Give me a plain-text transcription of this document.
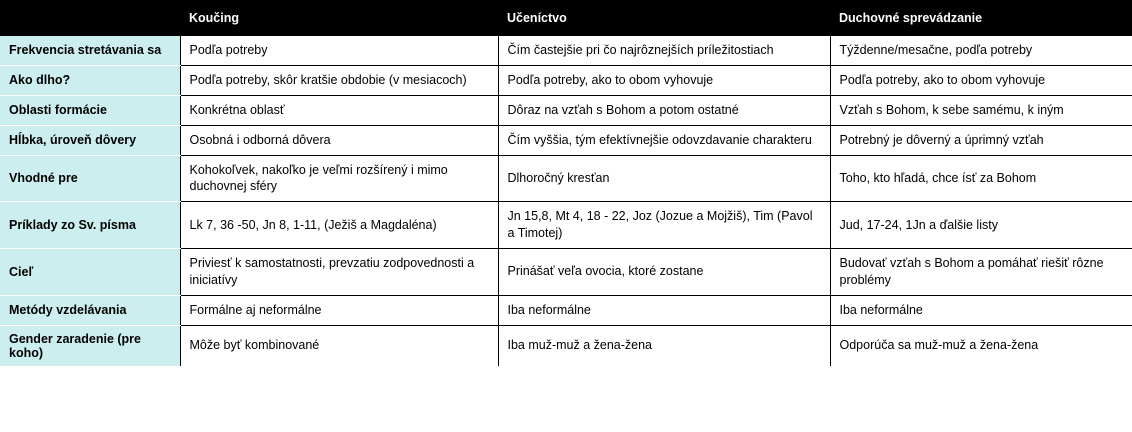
	Koučing	Učeníctvo	Duchovné sprevádzanie
Frekvencia stretávania sa	Podľa potreby	Čím častejšie pri čo najrôznejších príležitostiach	Týždenne/mesačne, podľa potreby
Ako dlho?	Podľa potreby, skôr kratšie obdobie (v mesiacoch)	Podľa potreby, ako to obom vyhovuje	Podľa potreby, ako to obom vyhovuje
Oblasti formácie	Konkrétna oblasť	Dôraz na vzťah s Bohom a potom ostatné	Vzťah s Bohom, k sebe samému, k iným
Hĺbka, úroveň dôvery	Osobná i odborná dôvera	Čím vyššia, tým efektívnejšie odovzdavanie charakteru	Potrebný je dôverný a úprimný vzťah
Vhodné pre	Kohokoľvek, nakoľko je veľmi rozšírený i mimo duchovnej sféry	Dlhoročný kresťan	Toho, kto hľadá, chce ísť za Bohom
Príklady zo Sv. písma	Lk 7, 36 -50, Jn 8, 1-11, (Ježiš a Magdaléna)	Jn 15,8, Mt 4, 18 - 22, Joz (Jozue a Mojžiš), Tim (Pavol a Timotej)	Jud, 17-24, 1Jn a ďalšie listy
Cieľ	Priviesť k samostatnosti, prevzatiu zodpovednosti a iniciatívy	Prinášať veľa ovocia, ktoré zostane	Budovať vzťah s Bohom a pomáhať riešiť rôzne problémy
Metódy vzdelávania	Formálne aj neformálne	Iba neformálne	Iba neformálne
Gender zaradenie (pre koho)	Môže byť kombinované	Iba muž-muž a žena-žena	Odporúča sa muž-muž a žena-žena
